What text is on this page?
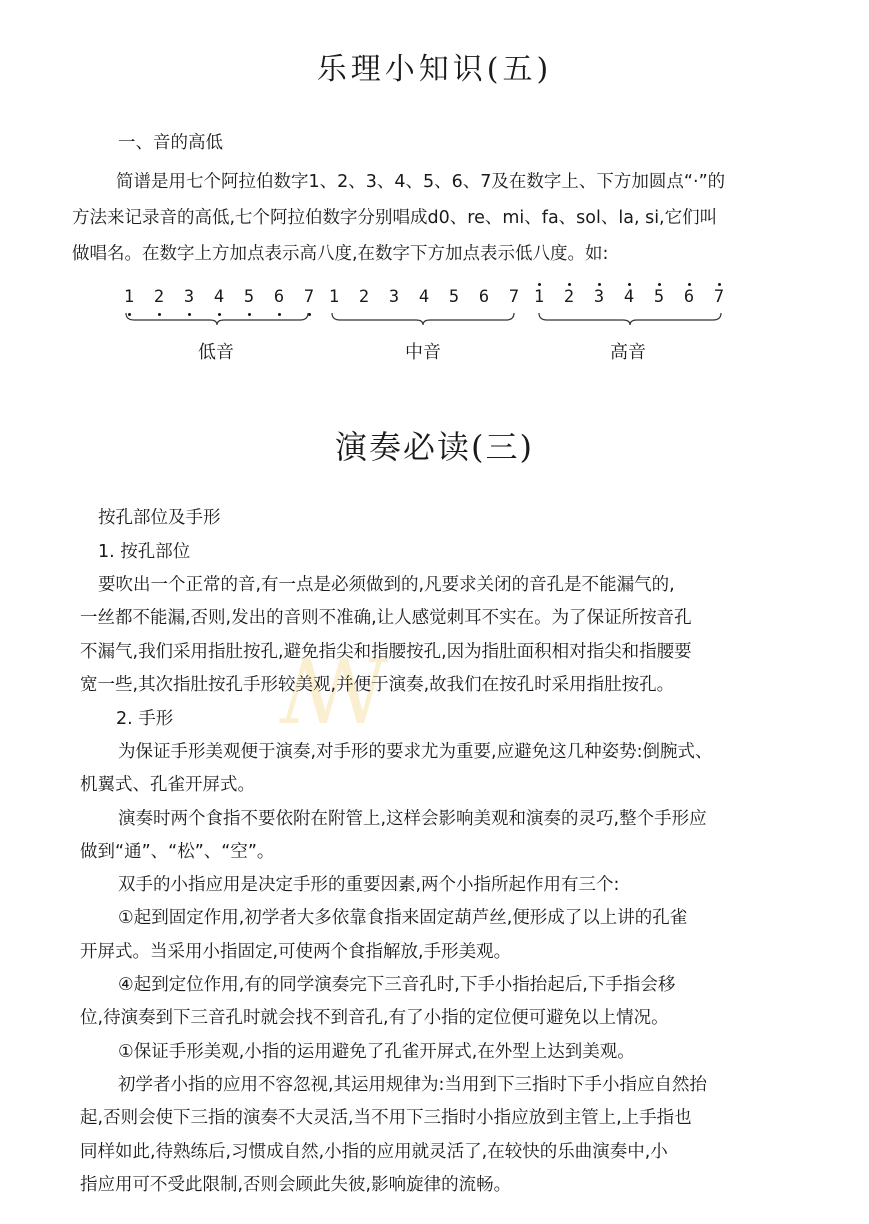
乐理小知识(五)
一、音的高低
简谱是用七个阿拉伯数字1、2、3、4、5、6、7及在数字上、下方加圆点“·”的
方法来记录音的高低,七个阿拉伯数字分别唱成d0、re、mi、fa、sol、la, si,它们叫
做唱名。在数字上方加点表示高八度,在数字下方加点表示低八度。如:
1 2 3 4 5 6 7 1 2 3 4 5 6 7 1 2 3 4 5 6 7
低音	中音	高音
演奏必读(三)
ꟿ
按孔部位及手形
1. 按孔部位
要吹出一个正常的音,有一点是必须做到的,凡要求关闭的音孔是不能漏气的,
一丝都不能漏,否则,发出的音则不准确,让人感觉刺耳不实在。为了保证所按音孔
不漏气,我们采用指肚按孔,避免指尖和指腰按孔,因为指肚面积相对指尖和指腰要
宽一些,其次指肚按孔手形较美观,并便于演奏,故我们在按孔时采用指肚按孔。
2. 手形
为保证手形美观便于演奏,对手形的要求尤为重要,应避免这几种姿势:倒腕式、
机翼式、孔雀开屏式。
演奏时两个食指不要依附在附管上,这样会影响美观和演奏的灵巧,整个手形应
做到“通”、“松”、“空”。
双手的小指应用是决定手形的重要因素,两个小指所起作用有三个:
①起到固定作用,初学者大多依靠食指来固定葫芦丝,便形成了以上讲的孔雀
开屏式。当采用小指固定,可使两个食指解放,手形美观。
④起到定位作用,有的同学演奏完下三音孔时,下手小指抬起后,下手指会移
位,待演奏到下三音孔时就会找不到音孔,有了小指的定位便可避免以上情况。
①保证手形美观,小指的运用避免了孔雀开屏式,在外型上达到美观。
初学者小指的应用不容忽视,其运用规律为:当用到下三指时下手小指应自然抬
起,否则会使下三指的演奏不大灵活,当不用下三指时小指应放到主管上,上手指也
同样如此,待熟练后,习惯成自然,小指的应用就灵活了,在较快的乐曲演奏中,小
指应用可不受此限制,否则会顾此失彼,影响旋律的流畅。
